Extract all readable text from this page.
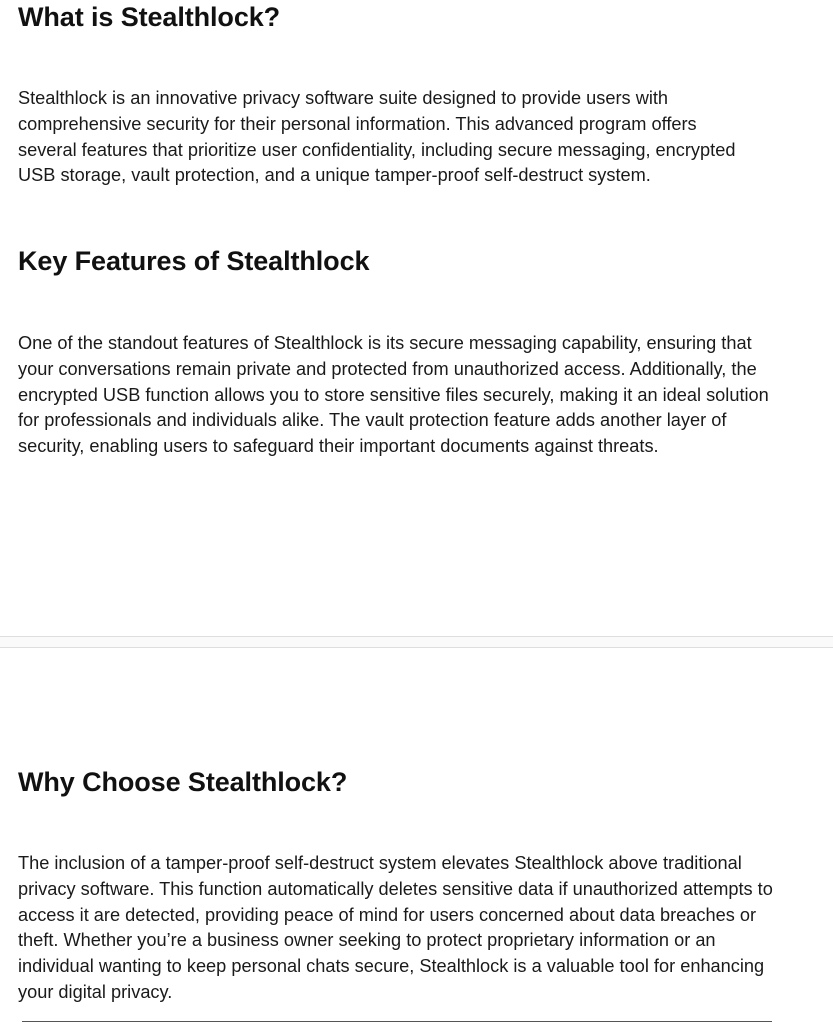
What is Stealthlock?

Stealthlock is an innovative privacy software suite designed to provide users with comprehensive security for their personal information. This advanced program offers several features that prioritize user confidentiality, including secure messaging, encrypted USB storage, vault protection, and a unique tamper-proof self-destruct system.

Key Features of Stealthlock

One of the standout features of Stealthlock is its secure messaging capability, ensuring that your conversations remain private and protected from unauthorized access. Additionally, the encrypted USB function allows you to store sensitive files securely, making it an ideal solution for professionals and individuals alike. The vault protection feature adds another layer of security, enabling users to safeguard their important documents against threats.

Why Choose Stealthlock?

The inclusion of a tamper-proof self-destruct system elevates Stealthlock above traditional privacy software. This function automatically deletes sensitive data if unauthorized attempts to access it are detected, providing peace of mind for users concerned about data breaches or theft. Whether you’re a business owner seeking to protect proprietary information or an individual wanting to keep personal chats secure, Stealthlock is a valuable tool for enhancing your digital privacy.
